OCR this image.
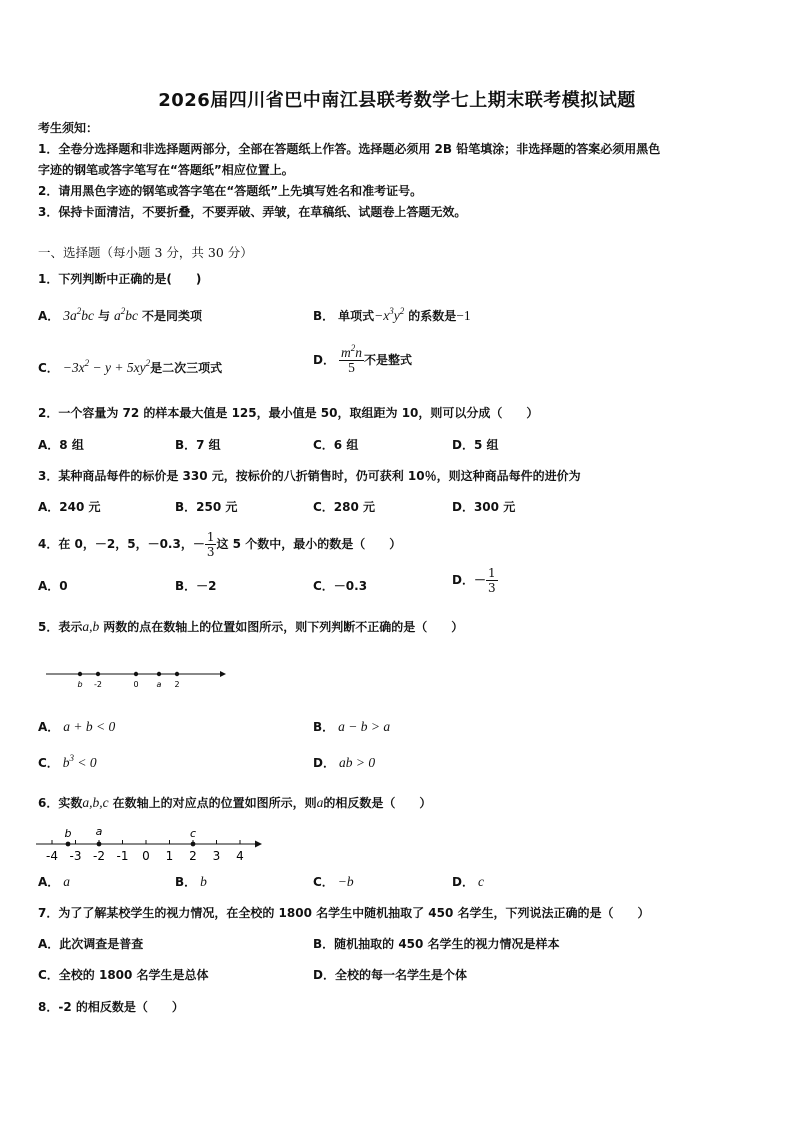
2026届四川省巴中南江县联考数学七上期末联考模拟试题
考生须知：
1．全卷分选择题和非选择题两部分，全部在答题纸上作答。选择题必须用 2B 铅笔填涂；非选择题的答案必须用黑色
字迹的钢笔或答字笔写在“答题纸”相应位置上。
2．请用黑色字迹的钢笔或答字笔在“答题纸”上先填写姓名和准考证号。
3．保持卡面清洁，不要折叠，不要弄破、弄皱，在草稿纸、试题卷上答题无效。
一、选择题（每小题 3 分，共 30 分）
1．下列判断中正确的是(　　)
A． $3a^2bc$ 与 $a^2bc$ 不是同类项	B． 单项式$-x^3y^2$ 的系数是−1
C． $-3x^2 - y + 5xy^2$是二次三项式
D． $\frac{m^2n}{5}$ 不是整式
2．一个容量为 72 的样本最大值是 125，最小值是 50，取组距为 10，则可以分成（　　）
A．8 组	B．7 组	C．6 组	D．5 组
3．某种商品每件的标价是 330 元，按标价的八折销售时，仍可获利 10％，则这种商品每件的进价为
A．240 元	B．250 元	C．280 元	D．300 元
4．在 0，－2，5，－0.3，－ $\frac{1}{3}$ 这 5 个数中，最小的数是（　　）
A．0	B．－2	C．－0.3	D．－ $\frac{1}{3}$
5．表示a,b 两数的点在数轴上的位置如图所示，则下列判断不正确的是（　　）
b -2	0 a 2
A． a + b < 0	B． a − b > a
C． $b^3 < 0$	D． ab > 0
6．实数a,b,c 在数轴上的对应点的位置如图所示，则a的相反数是（　　）
-4 -3 -2 -1 0 1 2 3 4
b a	c
A． a	B． b	C． −b	D． c
7．为了了解某校学生的视力情况，在全校的 1800 名学生中随机抽取了 450 名学生，下列说法正确的是（　　）
A．此次调查是普查	B．随机抽取的 450 名学生的视力情况是样本
C．全校的 1800 名学生是总体	D．全校的每一名学生是个体
8．-2 的相反数是（　　）
